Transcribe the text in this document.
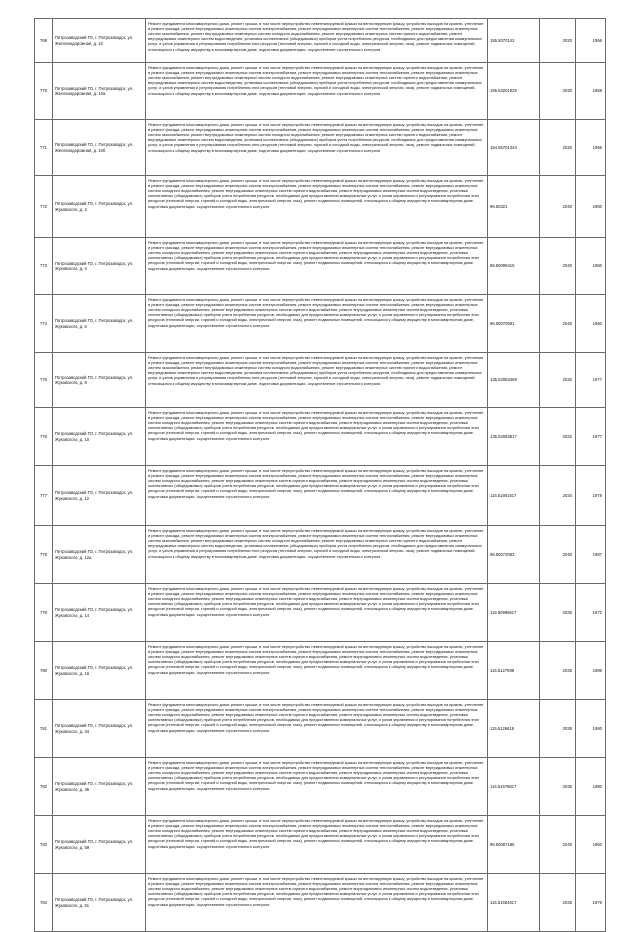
769	Петрозаводский ГО, г. Петрозаводск, ул. Железнодорожная, д. 10	Ремонт фундамента многоквартирного дома, ремонт крыши, в том числе переустройство невентилируемой крыши на вентилируемую крышу, устройство выходов на кровлю, утепление и ремонт фасада, ремонт внутридомовых инженерных систем электроснабжения, ремонт внутридомовых инженерных систем теплоснабжения, ремонт внутридомовых инженерных систем газоснабжения, ремонт внутридомовых инженерных систем холодного водоснабжения, ремонт внутридомовых инженерных систем горячего водоснабжения, ремонт внутридомовых инженерных систем водоотведения, установка коллективных (общедомовых) приборов учета потребления ресурсов, необходимых для предоставления коммунальных услуг, и узлов управления и регулирования потребления этих ресурсов (тепловой энергии, горячей и холодной воды, электрической энергии, газа), ремонт подвальных помещений, относящихся к общему имуществу в многоквартирном доме, подготовка документации, осуществление строительного контроля	155.5070142	2020	1956
770	Петрозаводский ГО, г. Петрозаводск, ул. Железнодорожная, д. 10а	Ремонт фундамента многоквартирного дома, ремонт крыши, в том числе переустройство невентилируемой крыши на вентилируемую крышу, устройство выходов на кровлю, утепление и ремонт фасада, ремонт внутридомовых инженерных систем электроснабжения, ремонт внутридомовых инженерных систем теплоснабжения, ремонт внутридомовых инженерных систем газоснабжения, ремонт внутридомовых инженерных систем холодного водоснабжения, ремонт внутридомовых инженерных систем горячего водоснабжения, ремонт внутридомовых инженерных систем водоотведения, установка коллективных (общедомовых) приборов учета потребления ресурсов, необходимых для предоставления коммунальных услуг, и узлов управления и регулирования потребления этих ресурсов (тепловой энергии, горячей и холодной воды, электрической энергии, газа), ремонт подвальных помещений, относящихся к общему имуществу в многоквартирном доме, подготовка документации, осуществление строительного контроля	155.53201825	2020	1958
771	Петрозаводский ГО, г. Петрозаводск, ул. Железнодорожная, д. 10б	Ремонт фундамента многоквартирного дома, ремонт крыши, в том числе переустройство невентилируемой крыши на вентилируемую крышу, устройство выходов на кровлю, утепление и ремонт фасада, ремонт внутридомовых инженерных систем электроснабжения, ремонт внутридомовых инженерных систем теплоснабжения, ремонт внутридомовых инженерных систем газоснабжения, ремонт внутридомовых инженерных систем холодного водоснабжения, ремонт внутридомовых инженерных систем горячего водоснабжения, ремонт внутридомовых инженерных систем водоотведения, установка коллективных (общедомовых) приборов учета потребления ресурсов, необходимых для предоставления коммунальных услуг, и узлов управления и регулирования потребления этих ресурсов (тепловой энергии, горячей и холодной воды, электрической энергии, газа), ремонт подвальных помещений, относящихся к общему имуществу в многоквартирном доме, подготовка документации, осуществление строительного контроля	154.55701343	2020	1956
772	Петрозаводский ГО, г. Петрозаводск, ул. Жуковского, д. 2	Ремонт фундамента многоквартирного дома, ремонт крыши, в том числе переустройство невентилируемой крыши на вентилируемую крышу, устройство выходов на кровлю, утепление и ремонт фасада, ремонт внутридомовых инженерных систем электроснабжения, ремонт внутридомовых инженерных систем теплоснабжения, ремонт внутридомовых инженерных систем холодного водоснабжения, ремонт внутридомовых инженерных систем горячего водоснабжения, ремонт внутридомовых инженерных систем водоотведения, установка коллективных (общедомовых) приборов учета потребления ресурсов, необходимых для предоставления коммунальных услуг, и узлов управления и регулирования потребления этих ресурсов (тепловой энергии, горячей и холодной воды, электрической энергии, газа), ремонт подвальных помещений, относящихся к общему имуществу в многоквартирном доме, подготовка документации, осуществление строительного контроля	96.50321	2040	1960
773	Петрозаводский ГО, г. Петрозаводск, ул. Жуковского, д. 4	Ремонт фундамента многоквартирного дома, ремонт крыши, в том числе переустройство невентилируемой крыши на вентилируемую крышу, устройство выходов на кровлю, утепление и ремонт фасада, ремонт внутридомовых инженерных систем электроснабжения, ремонт внутридомовых инженерных систем теплоснабжения, ремонт внутридомовых инженерных систем холодного водоснабжения, ремонт внутридомовых инженерных систем горячего водоснабжения, ремонт внутридомовых инженерных систем водоотведения, установка коллективных (общедомовых) приборов учета потребления ресурсов, необходимых для предоставления коммунальных услуг, и узлов управления и регулирования потребления этих ресурсов (тепловой энергии, горячей и холодной воды, электрической энергии, газа), ремонт подвальных помещений, относящихся к общему имуществу в многоквартирном доме, подготовка документации, осуществление строительного контроля	96.50098415	2040	1960
774	Петрозаводский ГО, г. Петрозаводск, ул. Жуковского, д. 6	Ремонт фундамента многоквартирного дома, ремонт крыши, в том числе переустройство невентилируемой крыши на вентилируемую крышу, устройство выходов на кровлю, утепление и ремонт фасада, ремонт внутридомовых инженерных систем электроснабжения, ремонт внутридомовых инженерных систем теплоснабжения, ремонт внутридомовых инженерных систем холодного водоснабжения, ремонт внутридомовых инженерных систем горячего водоснабжения, ремонт внутридомовых инженерных систем водоотведения, установка коллективных (общедомовых) приборов учета потребления ресурсов, необходимых для предоставления коммунальных услуг, и узлов управления и регулирования потребления этих ресурсов (тепловой энергии, горячей и холодной воды, электрической энергии, газа), ремонт подвальных помещений, относящихся к общему имуществу в многоквартирном доме, подготовка документации, осуществление строительного контроля	96.50070591	2040	1960
775	Петрозаводский ГО, г. Петрозаводск, ул. Жуковского, д. 8	Ремонт фундамента многоквартирного дома, ремонт крыши, в том числе переустройство невентилируемой крыши на вентилируемую крышу, устройство выходов на кровлю, утепление и ремонт фасада, ремонт внутридомовых инженерных систем электроснабжения, ремонт внутридомовых инженерных систем теплоснабжения, ремонт внутридомовых инженерных систем газоснабжения, ремонт внутридомовых инженерных систем холодного водоснабжения, ремонт внутридомовых инженерных систем горячего водоснабжения, ремонт внутридомовых инженерных систем водоотведения, установка коллективных (общедомовых) приборов учета потребления ресурсов, необходимых для предоставления коммунальных услуг, и узлов управления и регулирования потребления этих ресурсов (тепловой энергии, горячей и холодной воды, электрической энергии, газа), ремонт подвальных помещений, относящихся к общему имуществу в многоквартирном доме, подготовка документации, осуществление строительного контроля	135.52083469	2032	1977
776	Петрозаводский ГО, г. Петрозаводск, ул. Жуковского, д. 10	Ремонт фундамента многоквартирного дома, ремонт крыши, в том числе переустройство невентилируемой крыши на вентилируемую крышу, устройство выходов на кровлю, утепление и ремонт фасада, ремонт внутридомовых инженерных систем электроснабжения, ремонт внутридомовых инженерных систем теплоснабжения, ремонт внутридомовых инженерных систем холодного водоснабжения, ремонт внутридомовых инженерных систем горячего водоснабжения, ремонт внутридомовых инженерных систем водоотведения, установка коллективных (общедомовых) приборов учета потребления ресурсов, необходимых для предоставления коммунальных услуг, и узлов управления и регулирования потребления этих ресурсов (тепловой энергии, горячей и холодной воды, электрической энергии, газа), ремонт подвальных помещений, относящихся к общему имуществу в многоквартирном доме, подготовка документации, осуществление строительного контроля	135.52083617	2032	1977
777	Петрозаводский ГО, г. Петрозаводск, ул. Жуковского, д. 12	Ремонт фундамента многоквартирного дома, ремонт крыши, в том числе переустройство невентилируемой крыши на вентилируемую крышу, устройство выходов на кровлю, утепление и ремонт фасада, ремонт внутридомовых инженерных систем электроснабжения, ремонт внутридомовых инженерных систем теплоснабжения, ремонт внутридомовых инженерных систем холодного водоснабжения, ремонт внутридомовых инженерных систем горячего водоснабжения, ремонт внутридомовых инженерных систем водоотведения, установка коллективных (общедомовых) приборов учета потребления ресурсов, необходимых для предоставления коммунальных услуг, и узлов управления и регулирования потребления этих ресурсов (тепловой энергии, горячей и холодной воды, электрической энергии, газа), ремонт подвальных помещений, относящихся к общему имуществу в многоквартирном доме, подготовка документации, осуществление строительного контроля	115.51951617	2034	1978
778	Петрозаводский ГО, г. Петрозаводск, ул. Жуковского, д. 12а	Ремонт фундамента многоквартирного дома, ремонт крыши, в том числе переустройство невентилируемой крыши на вентилируемую крышу, устройство выходов на кровлю, утепление и ремонт фасада, ремонт внутридомовых инженерных систем электроснабжения, ремонт внутридомовых инженерных систем теплоснабжения, ремонт внутридомовых инженерных систем газоснабжения, ремонт внутридомовых инженерных систем холодного водоснабжения, ремонт внутридомовых инженерных систем горячего водоснабжения, ремонт внутридомовых инженерных систем водоотведения, установка коллективных (общедомовых) приборов учета потребления ресурсов, необходимых для предоставления коммунальных услуг, и узлов управления и регулирования потребления этих ресурсов (тепловой энергии, горячей и холодной воды, электрической энергии, газа), ремонт подвальных помещений, относящихся к общему имуществу в многоквартирном доме, подготовка документации, осуществление строительного контроля	96.50073083	2040	1987
779	Петрозаводский ГО, г. Петрозаводск, ул. Жуковского, д. 14	Ремонт фундамента многоквартирного дома, ремонт крыши, в том числе переустройство невентилируемой крыши на вентилируемую крышу, устройство выходов на кровлю, утепление и ремонт фасада, ремонт внутридомовых инженерных систем электроснабжения, ремонт внутридомовых инженерных систем теплоснабжения, ремонт внутридомовых инженерных систем холодного водоснабжения, ремонт внутридомовых инженерных систем горячего водоснабжения, ремонт внутридомовых инженерных систем водоотведения, установка коллективных (общедомовых) приборов учета потребления ресурсов, необходимых для предоставления коммунальных услуг, и узлов управления и регулирования потребления этих ресурсов (тепловой энергии, горячей и холодной воды, электрической энергии, газа), ремонт подвальных помещений, относящихся к общему имуществу в многоквартирном доме, подготовка документации, осуществление строительного контроля	115.50989617	2035	1972
780	Петрозаводский ГО, г. Петрозаводск, ул. Жуковского, д. 16	Ремонт фундамента многоквартирного дома, ремонт крыши, в том числе переустройство невентилируемой крыши на вентилируемую крышу, устройство выходов на кровлю, утепление и ремонт фасада, ремонт внутридомовых инженерных систем электроснабжения, ремонт внутридомовых инженерных систем теплоснабжения, ремонт внутридомовых инженерных систем холодного водоснабжения, ремонт внутридомовых инженерных систем горячего водоснабжения, ремонт внутридомовых инженерных систем водоотведения, установка коллективных (общедомовых) приборов учета потребления ресурсов, необходимых для предоставления коммунальных услуг, и узлов управления и регулирования потребления этих ресурсов (тепловой энергии, горячей и холодной воды, электрической энергии, газа), ремонт подвальных помещений, относящихся к общему имуществу в многоквартирном доме, подготовка документации, осуществление строительного контроля	115.5127598	2035	1986
781	Петрозаводский ГО, г. Петрозаводск, ул. Жуковского, д. 34	Ремонт фундамента многоквартирного дома, ремонт крыши, в том числе переустройство невентилируемой крыши на вентилируемую крышу, устройство выходов на кровлю, утепление и ремонт фасада, ремонт внутридомовых инженерных систем электроснабжения, ремонт внутридомовых инженерных систем теплоснабжения, ремонт внутридомовых инженерных систем холодного водоснабжения, ремонт внутридомовых инженерных систем горячего водоснабжения, ремонт внутридомовых инженерных систем водоотведения, установка коллективных (общедомовых) приборов учета потребления ресурсов, необходимых для предоставления коммунальных услуг, и узлов управления и регулирования потребления этих ресурсов (тепловой энергии, горячей и холодной воды, электрической энергии, газа), ремонт подвальных помещений, относящихся к общему имуществу в многоквартирном доме, подготовка документации, осуществление строительного контроля	115.5126615	2035	1980
782	Петрозаводский ГО, г. Петрозаводск, ул. Жуковского, д. 36	Ремонт фундамента многоквартирного дома, ремонт крыши, в том числе переустройство невентилируемой крыши на вентилируемую крышу, устройство выходов на кровлю, утепление и ремонт фасада, ремонт внутридомовых инженерных систем электроснабжения, ремонт внутридомовых инженерных систем теплоснабжения, ремонт внутридомовых инженерных систем холодного водоснабжения, ремонт внутридомовых инженерных систем горячего водоснабжения, ремонт внутридомовых инженерных систем водоотведения, установка коллективных (общедомовых) приборов учета потребления ресурсов, необходимых для предоставления коммунальных услуг, и узлов управления и регулирования потребления этих ресурсов (тепловой энергии, горячей и холодной воды, электрической энергии, газа), ремонт подвальных помещений, относящихся к общему имуществу в многоквартирном доме, подготовка документации, осуществление строительного контроля	115.51678617	2035	1980
783	Петрозаводский ГО, г. Петрозаводск, ул. Жуковского, д. 59	Ремонт фундамента многоквартирного дома, ремонт крыши, в том числе переустройство невентилируемой крыши на вентилируемую крышу, устройство выходов на кровлю, утепление и ремонт фасада, ремонт внутридомовых инженерных систем электроснабжения, ремонт внутридомовых инженерных систем теплоснабжения, ремонт внутридомовых инженерных систем холодного водоснабжения, ремонт внутридомовых инженерных систем горячего водоснабжения, ремонт внутридомовых инженерных систем водоотведения, установка коллективных (общедомовых) приборов учета потребления ресурсов, необходимых для предоставления коммунальных услуг, и узлов управления и регулирования потребления этих ресурсов (тепловой энергии, горячей и холодной воды, электрической энергии, газа), ремонт подвальных помещений, относящихся к общему имуществу в многоквартирном доме, подготовка документации, осуществление строительного контроля	96.50087186	2040	1960
784	Петрозаводский ГО, г. Петрозаводск, ул. Жуковского, д. 61	Ремонт фундамента многоквартирного дома, ремонт крыши, в том числе переустройство невентилируемой крыши на вентилируемую крышу, устройство выходов на кровлю, утепление и ремонт фасада, ремонт внутридомовых инженерных систем электроснабжения, ремонт внутридомовых инженерных систем теплоснабжения, ремонт внутридомовых инженерных систем холодного водоснабжения, ремонт внутридомовых инженерных систем горячего водоснабжения, ремонт внутридомовых инженерных систем водоотведения, установка коллективных (общедомовых) приборов учета потребления ресурсов, необходимых для предоставления коммунальных услуг, и узлов управления и регулирования потребления этих ресурсов (тепловой энергии, горячей и холодной воды, электрической энергии, газа), ремонт подвальных помещений, относящихся к общему имуществу в многоквартирном доме, подготовка документации, осуществление строительного контроля	115.51584617	2035	1976
